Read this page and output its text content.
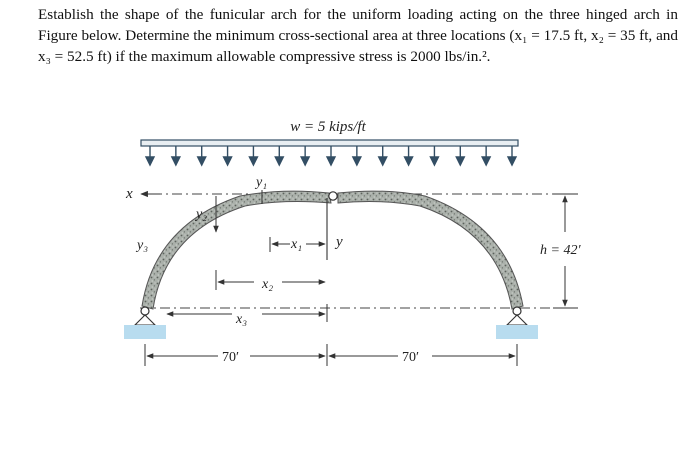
Establish the shape of the funicular arch for the uniform loading acting on the three hinged arch in Figure below. Determine the minimum cross-sectional area at three locations (x₁ = 17.5 ft, x₂ = 35 ft, and x₃ = 52.5 ft) if the maximum allowable compressive stress is 2000 lbs/in.².

w = 5 kips/ft
x
y
y₁
y₂
y₃	x₁
x₂
x₃
h = 42′
70′	70′
